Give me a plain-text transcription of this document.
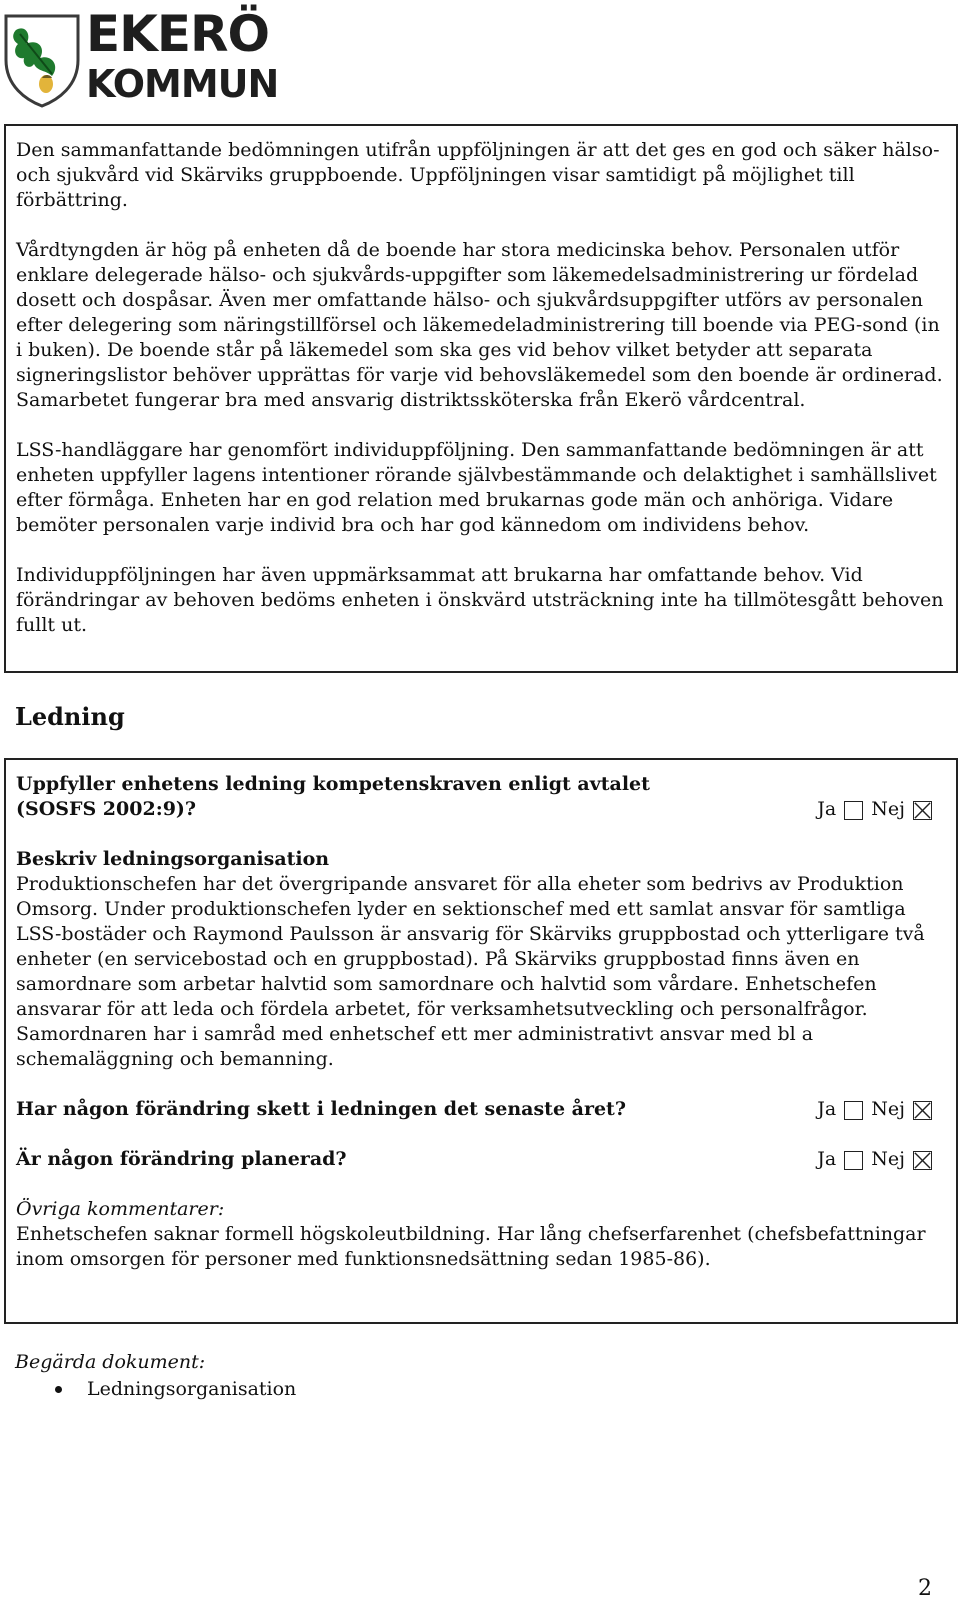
EKERÖ
KOMMUN

Den sammanfattande bedömningen utifrån uppföljningen är att det ges en god och säker hälso- och sjukvård vid Skärviks gruppboende. Uppföljningen visar samtidigt på möjlighet till förbättring.

Vårdtyngden är hög på enheten då de boende har stora medicinska behov. Personalen utför enklare delegerade hälso- och sjukvårds-uppgifter som läkemedelsadministrering ur fördelad dosett och dospåsar. Även mer omfattande hälso- och sjukvårdsuppgifter utförs av personalen efter delegering som näringstillförsel och läkemedeladministrering till boende via PEG-sond (in i buken). De boende står på läkemedel som ska ges vid behov vilket betyder att separata signeringslistor behöver upprättas för varje vid behovsläkemedel som den boende är ordinerad. Samarbetet fungerar bra med ansvarig distriktssköterska från Ekerö vårdcentral.

LSS-handläggare har genomfört individuppföljning. Den sammanfattande bedömningen är att enheten uppfyller lagens intentioner rörande självbestämmande och delaktighet i samhällslivet efter förmåga. Enheten har en god relation med brukarnas gode män och anhöriga. Vidare bemöter personalen varje individ bra och har god kännedom om individens behov.

Individuppföljningen har även uppmärksammat att brukarna har omfattande behov. Vid förändringar av behoven bedöms enheten i önskvärd utsträckning inte ha tillmötesgått behoven fullt ut.

Ledning
Uppfyller enhetens ledning kompetenskraven enligt avtalet
(SOSFS 2002:9)?	Ja Nej

Beskriv ledningsorganisation

Produktionschefen har det övergripande ansvaret för alla eheter som bedrivs av Produktion Omsorg. Under produktionschefen lyder en sektionschef med ett samlat ansvar för samtliga LSS-bostäder och Raymond Paulsson är ansvarig för Skärviks gruppbostad och ytterligare två enheter (en servicebostad och en gruppbostad). På Skärviks gruppbostad finns även en samordnare som arbetar halvtid som samordnare och halvtid som vårdare. Enhetschefen ansvarar för att leda och fördela arbetet, för verksamhetsutveckling och personalfrågor. Samordnaren har i samråd med enhetschef ett mer administrativt ansvar med bl a schemaläggning och bemanning.

Har någon förändring skett i ledningen det senaste året?	Ja Nej
Är någon förändring planerad?	Ja Nej

Övriga kommentarer:

Enhetschefen saknar formell högskoleutbildning. Har lång chefserfarenhet (chefsbefattningar inom omsorgen för personer med funktionsnedsättning sedan 1985-86).

Begärda dokument:
Ledningsorganisation
2
